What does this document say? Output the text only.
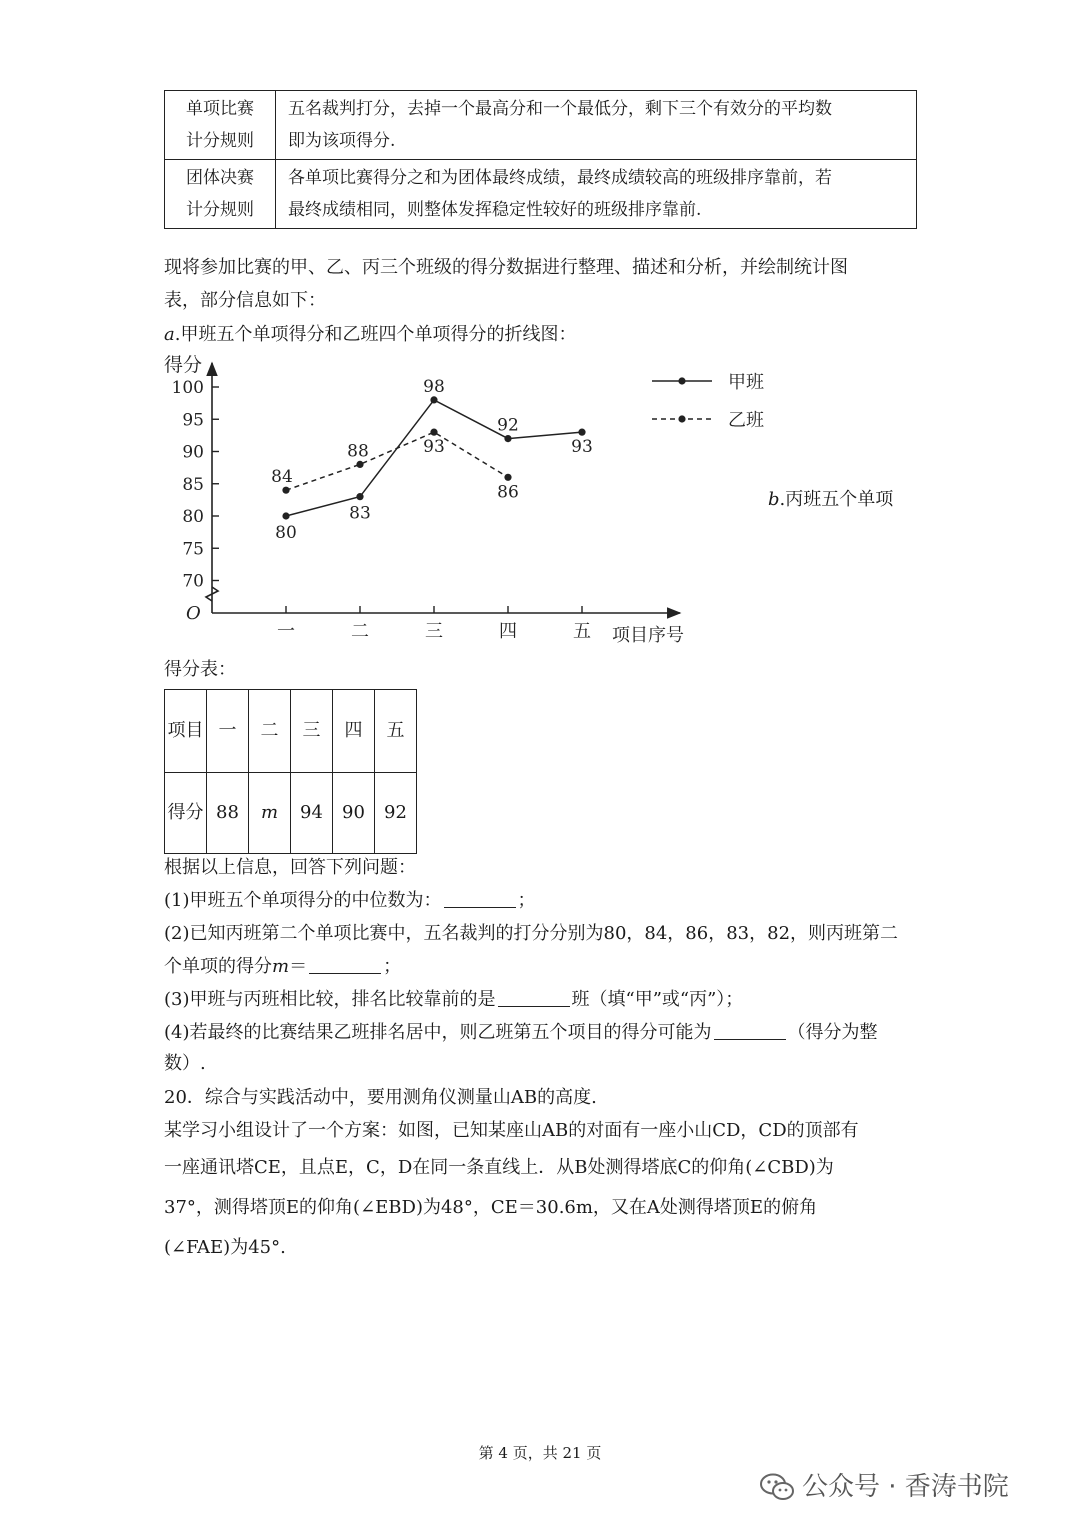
单项比赛
计分规则	五名裁判打分，去掉一个最高分和一个最低分，剩下三个有效分的平均数
即为该项得分.
团体决赛
计分规则	各单项比赛得分之和为团体最终成绩，最终成绩较高的班级排序靠前，若
最终成绩相同，则整体发挥稳定性较好的班级排序靠前.
现将参加比赛的甲、乙、丙三个班级的得分数据进行整理、描述和分析，并绘制统计图
表，部分信息如下：
a.甲班五个单项得分和乙班四个单项得分的折线图：
得分
O
项目序号
70
75
80
85
90
95
100
一	二	三	四	五
80
83
98
92
93
84
88	93
86
甲班
乙班
b.丙班五个单项
得分表：
项目	一	二	三	四	五
得分	88	m	94	90	92
根据以上信息，回答下列问题：
(1)甲班五个单项得分的中位数为：	；
(2)已知丙班第二个单项比赛中，五名裁判的打分分别为80，84，86，83，82，则丙班第二
个单项的得分m＝	；
(3)甲班与丙班相比较，排名比较靠前的是	班（填“甲”或“丙”）；
(4)若最终的比赛结果乙班排名居中，则乙班第五个项目的得分可能为	（得分为整
数）.
20．综合与实践活动中，要用测角仪测量山AB的高度.
某学习小组设计了一个方案：如图，已知某座山AB的对面有一座小山CD，CD的顶部有
一座通讯塔CE，且点E，C，D在同一条直线上．从B处测得塔底C的仰角(∠CBD)为
37°，测得塔顶E的仰角(∠EBD)为48°，CE＝30.6m，又在A处测得塔顶E的俯角
(∠FAE)为45°.
第 4 页，共 21 页
公众号 · 香涛书院
